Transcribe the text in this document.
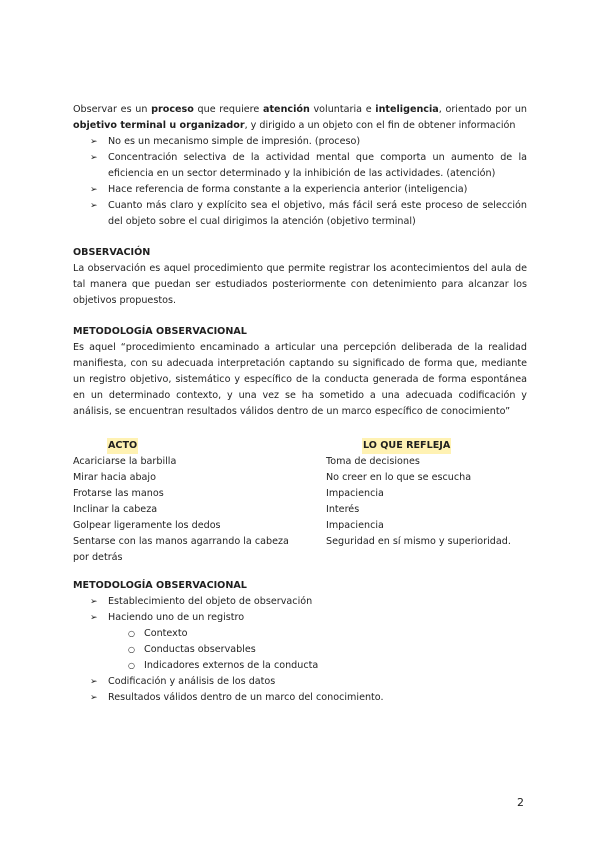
Observar es un proceso que requiere atención voluntaria e inteligencia, orientado por un objetivo terminal u organizador, y dirigido a un objeto con el fin de obtener información

➢ No es un mecanismo simple de impresión. (proceso)
➢ Concentración selectiva de la actividad mental que comporta un aumento de la eficiencia en un sector determinado y la inhibición de las actividades. (atención)
➢ Hace referencia de forma constante a la experiencia anterior (inteligencia)
➢ Cuanto más claro y explícito sea el objetivo, más fácil será este proceso de selección del objeto sobre el cual dirigimos la atención (objetivo terminal)
OBSERVACIÓN

La observación es aquel procedimiento que permite registrar los acontecimientos del aula de tal manera que puedan ser estudiados posteriormente con detenimiento para alcanzar los objetivos propuestos.

METODOLOGÍA OBSERVACIONAL

Es aquel “procedimiento encaminado a articular una percepción deliberada de la realidad manifiesta, con su adecuada interpretación captando su significado de forma que, mediante un registro objetivo, sistemático y específico de la conducta generada de forma espontánea en un determinado contexto, y una vez se ha sometido a una adecuada codificación y análisis, se encuentran resultados válidos dentro de un marco específico de conocimiento”

ACTO
Acariciarse la barbilla
Mirar hacia abajo
Frotarse las manos
Inclinar la cabeza
Golpear ligeramente los dedos
Sentarse con las manos agarrando la cabeza por detrás
LO QUE REFLEJA
Toma de decisiones
No creer en lo que se escucha
Impaciencia
Interés
Impaciencia
Seguridad en sí mismo y superioridad.
METODOLOGÍA OBSERVACIONAL
➢ Establecimiento del objeto de observación
➢ Haciendo uno de un registro
○ Contexto
○ Conductas observables
○ Indicadores externos de la conducta
➢ Codificación y análisis de los datos
➢ Resultados válidos dentro de un marco del conocimiento.
2
